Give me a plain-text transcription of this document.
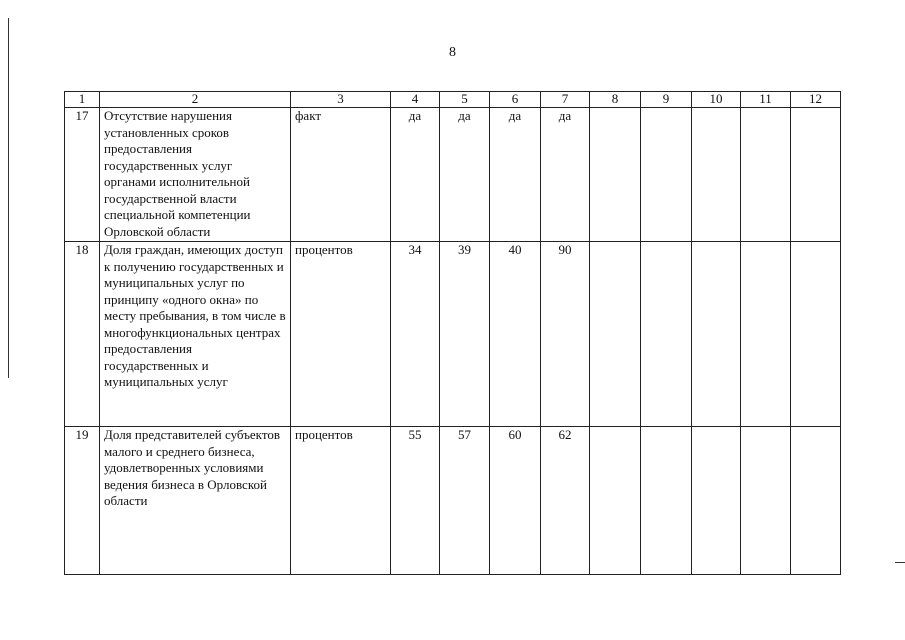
8
1	2	3	4	5	6	7	8	9	10	11	12
17	Отсутствие нарушения установленных сроков предоставления государственных услуг органами исполнительной государственной власти специальной компетенции Орловской области	факт	да	да	да	да					
18	Доля граждан, имеющих доступ к получению государственных и муниципальных услуг по принципу «одного окна» по месту пребывания, в том числе в многофункциональных центрах предоставления государственных и муниципальных услуг	процентов	34	39	40	90					
19	Доля представителей субъектов малого и среднего бизнеса, удовлетворенных условиями ведения бизнеса в Орловской области	процентов	55	57	60	62					
